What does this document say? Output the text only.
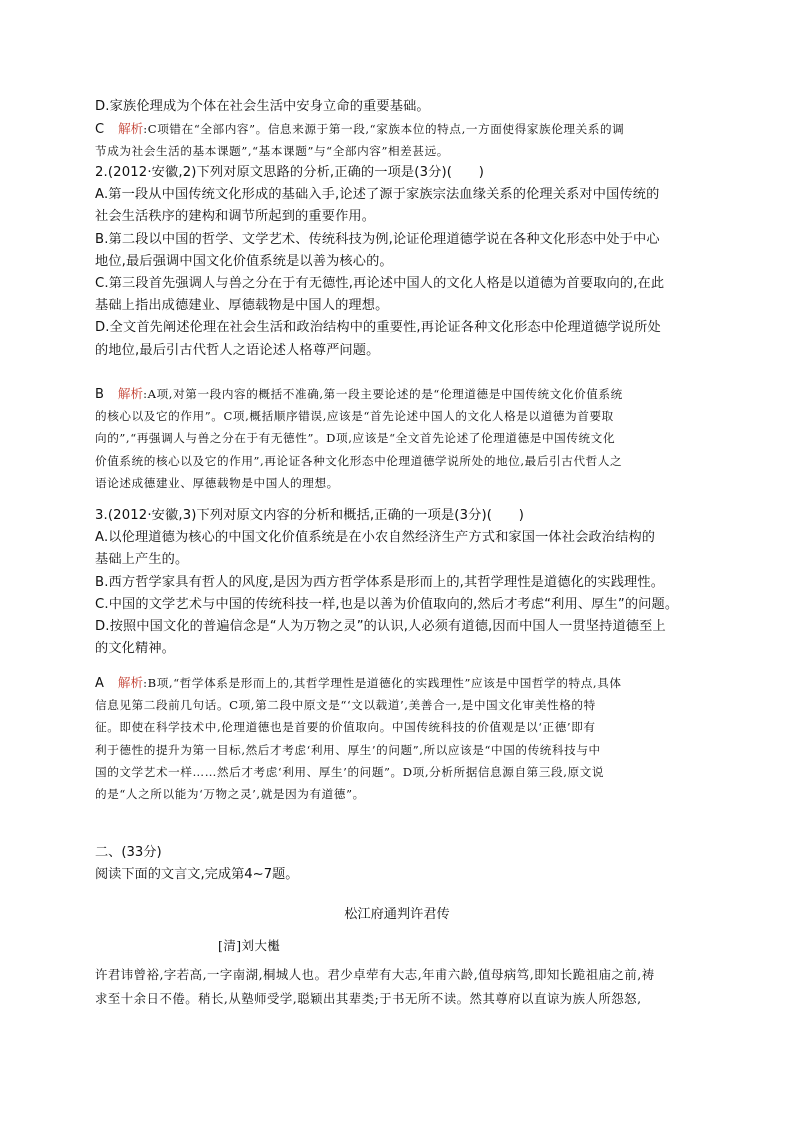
D.家族伦理成为个体在社会生活中安身立命的重要基础。
C 解析:C项错在“全部内容”。信息来源于第一段,“家族本位的特点,一方面使得家族伦理关系的调
节成为社会生活的基本课题”,“基本课题”与“全部内容”相差甚远。
2.(2012·安徽,2)下列对原文思路的分析,正确的一项是(3分)(　　)
A.第一段从中国传统文化形成的基础入手,论述了源于家族宗法血缘关系的伦理关系对中国传统的
社会生活秩序的建构和调节所起到的重要作用。
B.第二段以中国的哲学、文学艺术、传统科技为例,论证伦理道德学说在各种文化形态中处于中心
地位,最后强调中国文化价值系统是以善为核心的。
C.第三段首先强调人与兽之分在于有无德性,再论述中国人的文化人格是以道德为首要取向的,在此
基础上指出成德建业、厚德载物是中国人的理想。
D.全文首先阐述伦理在社会生活和政治结构中的重要性,再论证各种文化形态中伦理道德学说所处
的地位,最后引古代哲人之语论述人格尊严问题。
B 解析:A项,对第一段内容的概括不准确,第一段主要论述的是“伦理道德是中国传统文化价值系统
的核心以及它的作用”。C项,概括顺序错误,应该是“首先论述中国人的文化人格是以道德为首要取
向的”,“再强调人与兽之分在于有无德性”。D项,应该是“全文首先论述了伦理道德是中国传统文化
价值系统的核心以及它的作用”,再论证各种文化形态中伦理道德学说所处的地位,最后引古代哲人之
语论述成德建业、厚德载物是中国人的理想。
3.(2012·安徽,3)下列对原文内容的分析和概括,正确的一项是(3分)(　　)
A.以伦理道德为核心的中国文化价值系统是在小农自然经济生产方式和家国一体社会政治结构的
基础上产生的。
B.西方哲学家具有哲人的风度,是因为西方哲学体系是形而上的,其哲学理性是道德化的实践理性。
C.中国的文学艺术与中国的传统科技一样,也是以善为价值取向的,然后才考虑“利用、厚生”的问题。
D.按照中国文化的普遍信念是“人为万物之灵”的认识,人必须有道德,因而中国人一贯坚持道德至上
的文化精神。
A 解析:B项,“哲学体系是形而上的,其哲学理性是道德化的实践理性”应该是中国哲学的特点,具体
信息见第二段前几句话。C项,第二段中原文是“‘文以载道’,美善合一,是中国文化审美性格的特
征。即使在科学技术中,伦理道德也是首要的价值取向。中国传统科技的价值观是以‘正德’即有
利于德性的提升为第一目标,然后才考虑‘利用、厚生’的问题”,所以应该是“中国的传统科技与中
国的文学艺术一样……然后才考虑‘利用、厚生’的问题”。D项,分析所据信息源自第三段,原文说
的是“人之所以能为‘万物之灵’,就是因为有道德”。
二、(33分)
阅读下面的文言文,完成第4~7题。
松江府通判许君传
[清]刘大櫆
许君讳曾裕,字若高,一字南湖,桐城人也。君少卓荦有大志,年甫六龄,值母病笃,即知长跪祖庙之前,祷
求至十余日不倦。稍长,从塾师受学,聪颖出其辈类;于书无所不读。然其尊府以直谅为族人所怨怒,
